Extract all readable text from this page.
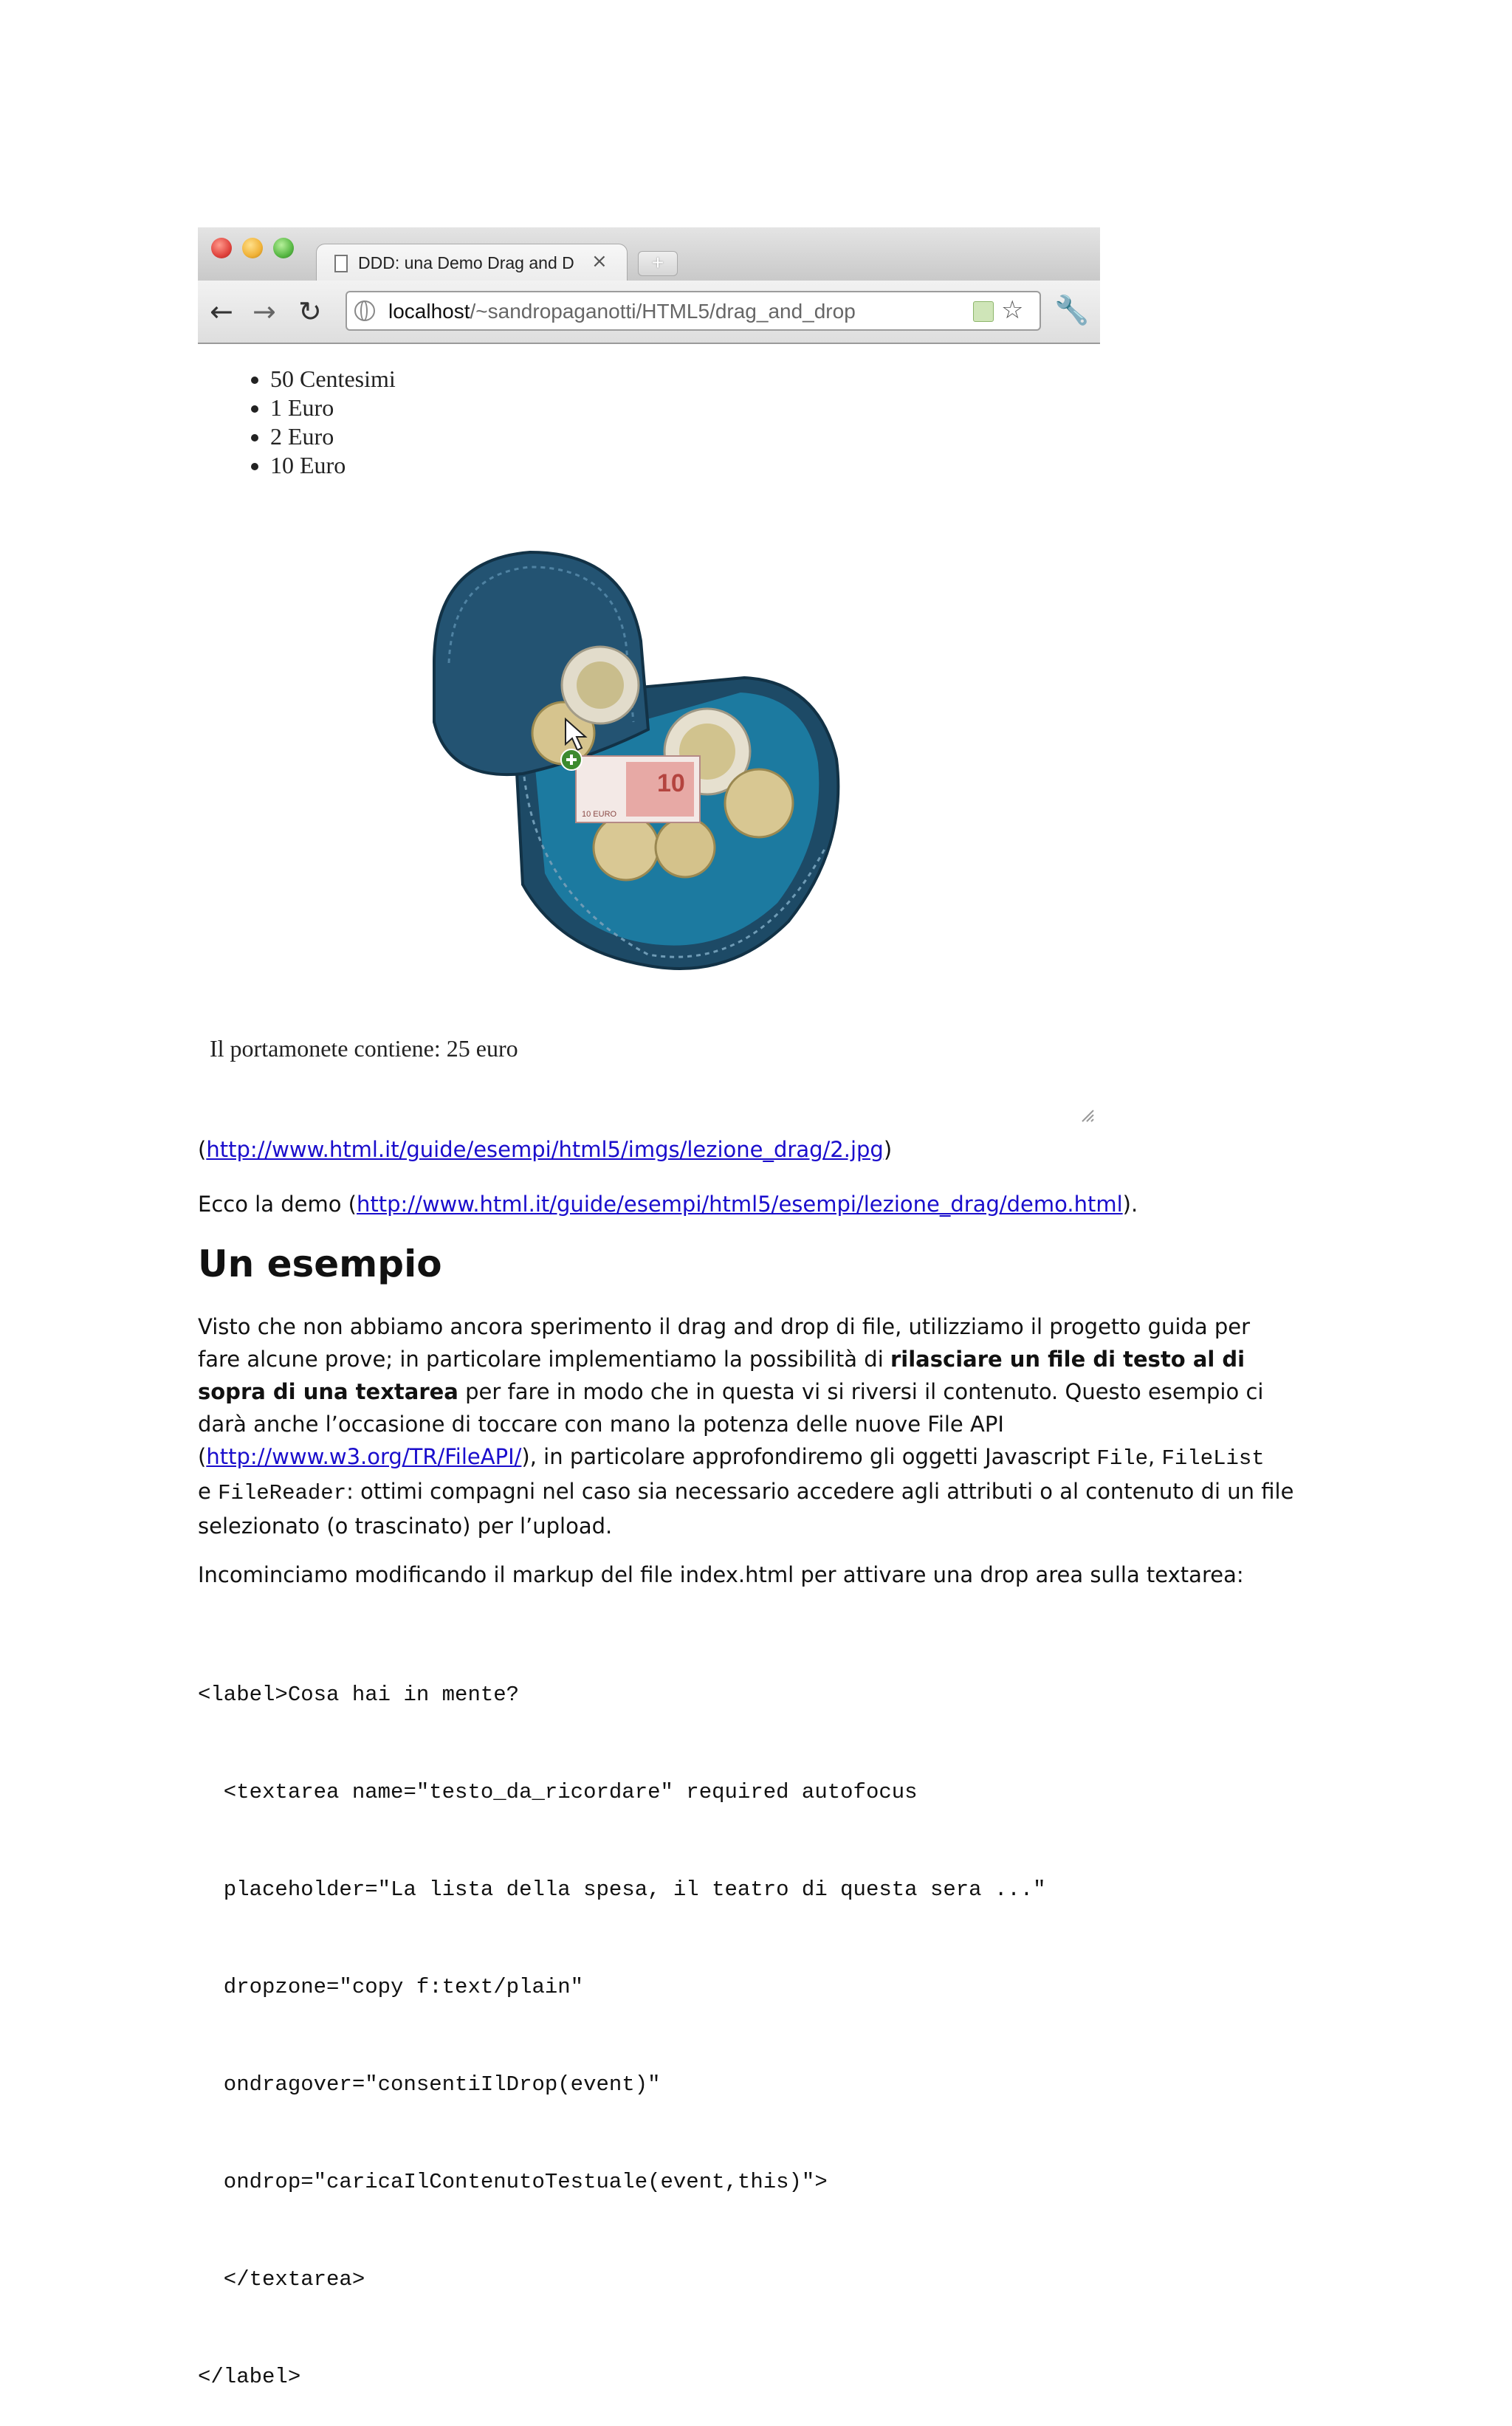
DDD: una Demo Drag and D ×	+
← → ↻	localhost/~sandropaganotti/HTML5/drag_and_drop	☆ 🔧
• 50 Centesimi
• 1 Euro
• 2 Euro
• 10 Euro
10
10 EURO
Il portamonete contiene: 25 euro

(http://www.html.it/guide/esempi/html5/imgs/lezione_drag/2.jpg)

Ecco la demo (http://www.html.it/guide/esempi/html5/esempi/lezione_drag/demo.html).

Un esempio

Visto che non abbiamo ancora sperimento il drag and drop di file, utilizziamo il progetto guida per

fare alcune prove; in particolare implementiamo la possibilità di rilasciare un file di testo al di

sopra di una textarea per fare in modo che in questa vi si riversi il contenuto. Questo esempio ci

darà anche l’occasione di toccare con mano la potenza delle nuove File API

(http://www.w3.org/TR/FileAPI/), in particolare approfondiremo gli oggetti Javascript File, FileList

e FileReader: ottimi compagni nel caso sia necessario accedere agli attributi o al contenuto di un file

selezionato (o trascinato) per l’upload.

Incominciamo modificando il markup del file index.html per attivare una drop area sulla textarea:

<label>Cosa hai in mente?

<textarea name="testo_da_ricordare" required autofocus

placeholder="La lista della spesa, il teatro di questa sera ..."

dropzone="copy f:text/plain"

ondragover="consentiIlDrop(event)"

ondrop="caricaIlContenutoTestuale(event,this)">

</textarea>

</label>
